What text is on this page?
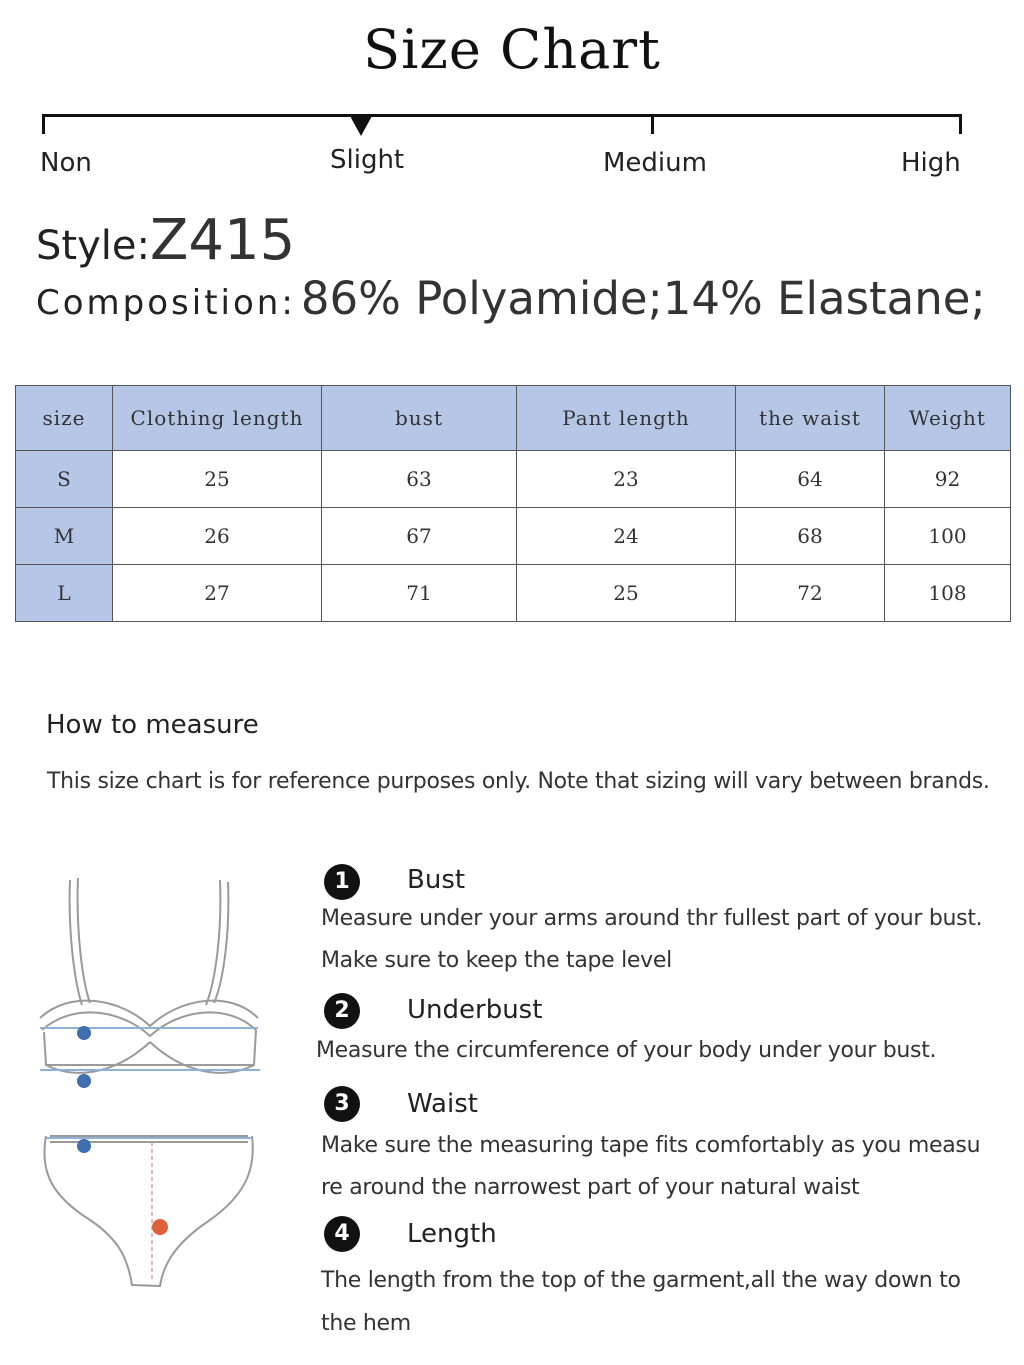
Size Chart
Non	Slight	Medium	High
Style:Z415
Composition: 86% Polyamide;14% Elastane;
size	Clothing length	bust	Pant length	the waist	Weight
S	25	63	23	64	92
M	26	67	24	68	100
L	27	71	25	72	108
How to measure
This size chart is for reference purposes only. Note that sizing will vary between brands.
1	Bust
Measure under your arms around thr fullest part of your bust.
Make sure to keep the tape level
2	Underbust
Measure the circumference of your body under your bust.
3	Waist
Make sure the measuring tape fits comfortably as you measu
re around the narrowest part of your natural waist
4	Length
The length from the top of the garment,all the way down to
the hem
